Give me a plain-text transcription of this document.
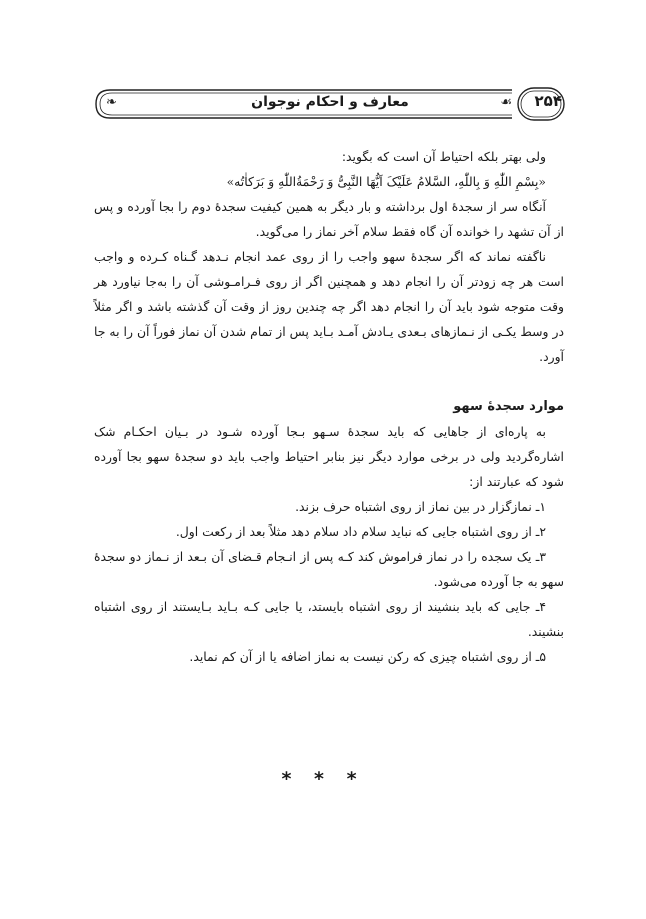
۲۵۴
☙
معارف و احکام نوجوان
❧

ولی بهتر بلکه احتیاط آن است که بگوید:

«بِسْمِ اللّٰهِ وَ بِاللّٰهِ، السَّلامُ عَلَیْکَ اَیُّهَا النَّبِیُّ وَ رَحْمَةُاللّٰهِ وَ بَرَکاٰتُه»

آنگاه سر از سجدهٔ اول برداشته و بار دیگر به همین کیفیت سجدهٔ دوم را بجا آورده و پس از آن تشهد را خوانده آن گاه فقط سلام آخر نماز را می‌گوید.

ناگفته نماند که اگر سجدهٔ سهو واجب را از روی عمد انجام نـدهد گـناه کـرده و واجب است هر چه زودتر آن را انجام دهد و همچنین اگر از روی فـرامـوشی آن را به‌جا نیاورد هر وقت متوجه شود باید آن را انجام دهد اگر چه چندین روز از وقت آن گذشته باشد و اگر مثلاً در وسط یکـی از نـمازهای بـعدی یـادش آمـد بـاید پس از تمام شدن آن نماز فوراً آن را به جا آورد.

موارد سجدهٔ سهو

به پاره‌ای از جاهایی که باید سجدهٔ سـهو بـجا آورده شـود در بـیان احکـام شک اشاره‌گردید ولی در برخی موارد دیگر نیز بنابر احتیاط واجب باید دو سجدهٔ سهو بجا آورده شود که عبارتند از:

۱ـ نمازگزار در بین نماز از روی اشتباه حرف بزند.

۲ـ از روی اشتباه جایی که نباید سلام داد سلام دهد مثلاً بعد از رکعت اول.

۳ـ یک سجده را در نماز فراموش کند کـه پس از انـجام قـضای آن بـعد از نـماز دو سجدهٔ سهو به جا آورده می‌شود.

۴ـ جایی که باید بنشیند از روی اشتباه بایستد، یا جایی کـه بـاید بـایستند از روی اشتباه بنشیند.

۵ـ از روی اشتباه چیزی که رکن نیست به نماز اضافه یا از آن کم نماید.

* * *
